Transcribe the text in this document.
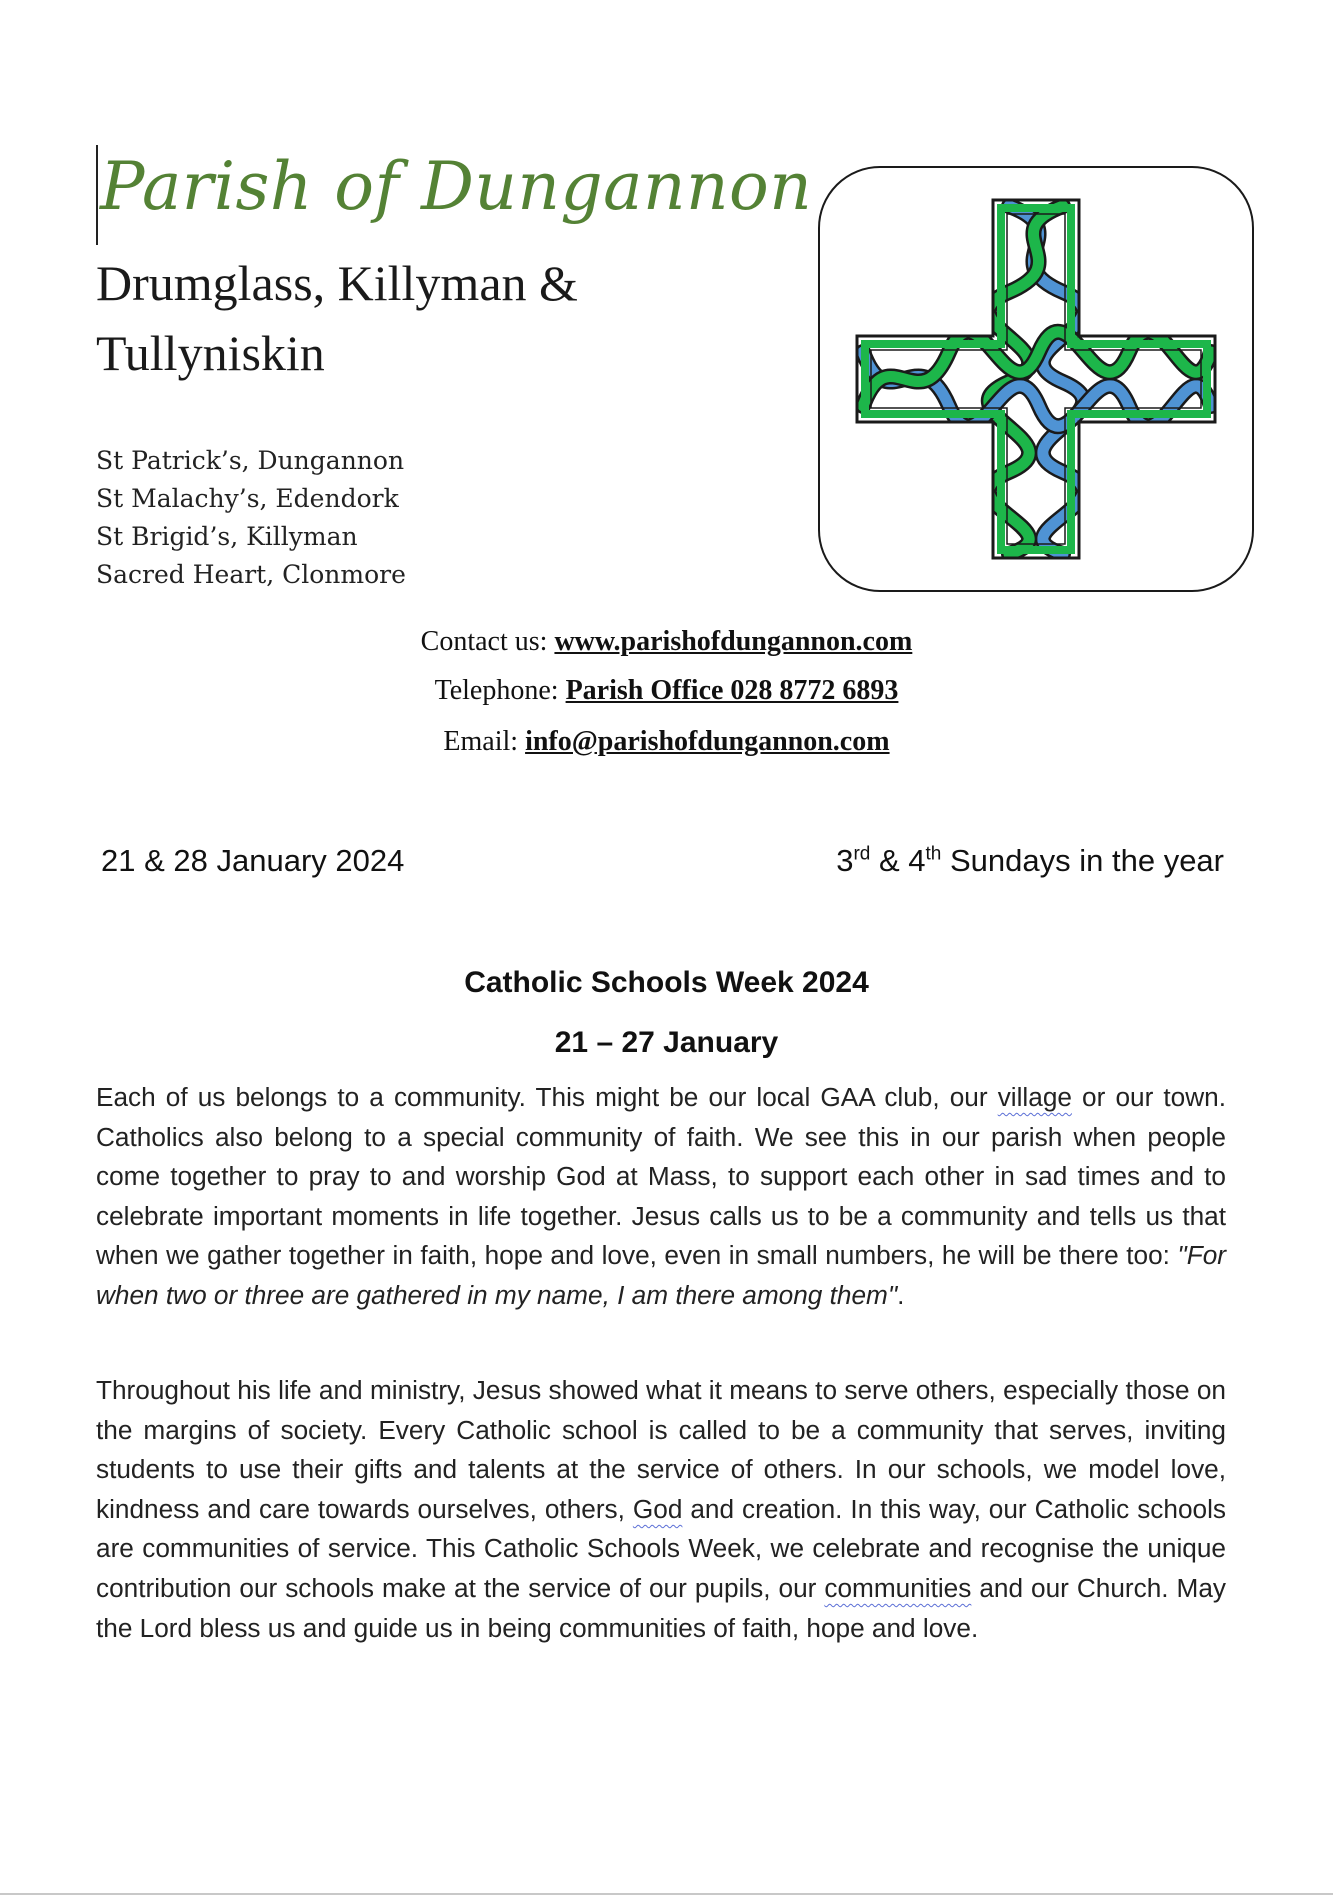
Parish of Dungannon
Drumglass, Killyman &
Tullyniskin
St Patrick’s, Dungannon
St Malachy’s, Edendork
St Brigid’s, Killyman
Sacred Heart, Clonmore
Contact us: www.parishofdungannon.com
Telephone: Parish Office 028 8772 6893
Email: info@parishofdungannon.com
21 & 28 January 2024	3rd & 4th Sundays in the year
Catholic Schools Week 2024
21 – 27 January

Each of us belongs to a community. This might be our local GAA club, our village or our town. Catholics also belong to a special community of faith. We see this in our parish when people come together to pray to and worship God at Mass, to support each other in sad times and to celebrate important moments in life together. Jesus calls us to be a community and tells us that when we gather together in faith, hope and love, even in small numbers, he will be there too: "For when two or three are gathered in my name, I am there among them".

Throughout his life and ministry, Jesus showed what it means to serve others, especially those on the margins of society. Every Catholic school is called to be a community that serves, inviting students to use their gifts and talents at the service of others. In our schools, we model love, kindness and care towards ourselves, others, God and creation. In this way, our Catholic schools are communities of service. This Catholic Schools Week, we celebrate and recognise the unique contribution our schools make at the service of our pupils, our communities and our Church. May the Lord bless us and guide us in being communities of faith, hope and love.
